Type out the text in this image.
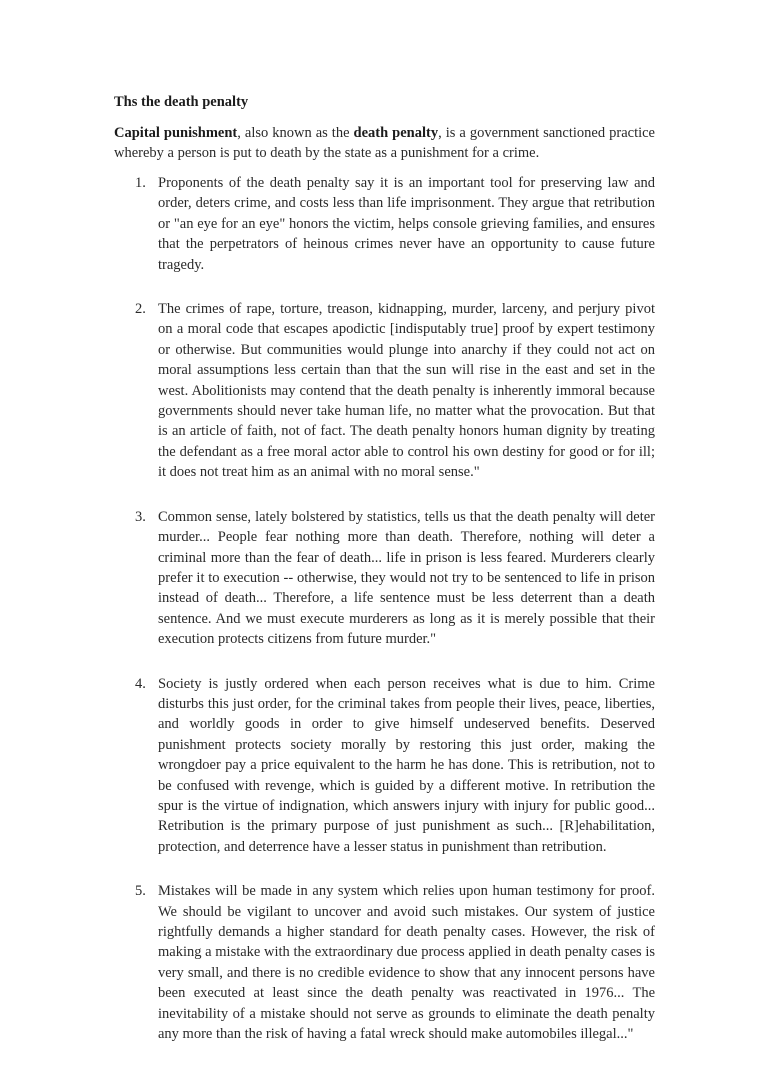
Ths the death penalty

Capital punishment, also known as the death penalty, is a government sanctioned practice whereby a person is put to death by the state as a punishment for a crime.

1. Proponents of the death penalty say it is an important tool for preserving law and order, deters crime, and costs less than life imprisonment. They argue that retribution or "an eye for an eye" honors the victim, helps console grieving families, and ensures that the perpetrators of heinous crimes never have an opportunity to cause future tragedy.
2. The crimes of rape, torture, treason, kidnapping, murder, larceny, and perjury pivot on a moral code that escapes apodictic [indisputably true] proof by expert testimony or otherwise. But communities would plunge into anarchy if they could not act on moral assumptions less certain than that the sun will rise in the east and set in the west. Abolitionists may contend that the death penalty is inherently immoral because governments should never take human life, no matter what the provocation. But that is an article of faith, not of fact. The death penalty honors human dignity by treating the defendant as a free moral actor able to control his own destiny for good or for ill; it does not treat him as an animal with no moral sense."
3. Common sense, lately bolstered by statistics, tells us that the death penalty will deter murder... People fear nothing more than death. Therefore, nothing will deter a criminal more than the fear of death... life in prison is less feared. Murderers clearly prefer it to execution -- otherwise, they would not try to be sentenced to life in prison instead of death... Therefore, a life sentence must be less deterrent than a death sentence. And we must execute murderers as long as it is merely possible that their execution protects citizens from future murder."
4. Society is justly ordered when each person receives what is due to him. Crime disturbs this just order, for the criminal takes from people their lives, peace, liberties, and worldly goods in order to give himself undeserved benefits. Deserved punishment protects society morally by restoring this just order, making the wrongdoer pay a price equivalent to the harm he has done. This is retribution, not to be confused with revenge, which is guided by a different motive. In retribution the spur is the virtue of indignation, which answers injury with injury for public good... Retribution is the primary purpose of just punishment as such... [R]ehabilitation, protection, and deterrence have a lesser status in punishment than retribution.
5. Mistakes will be made in any system which relies upon human testimony for proof. We should be vigilant to uncover and avoid such mistakes. Our system of justice rightfully demands a higher standard for death penalty cases. However, the risk of making a mistake with the extraordinary due process applied in death penalty cases is very small, and there is no credible evidence to show that any innocent persons have been executed at least since the death penalty was reactivated in 1976... The inevitability of a mistake should not serve as grounds to eliminate the death penalty any more than the risk of having a fatal wreck should make automobiles illegal..."
